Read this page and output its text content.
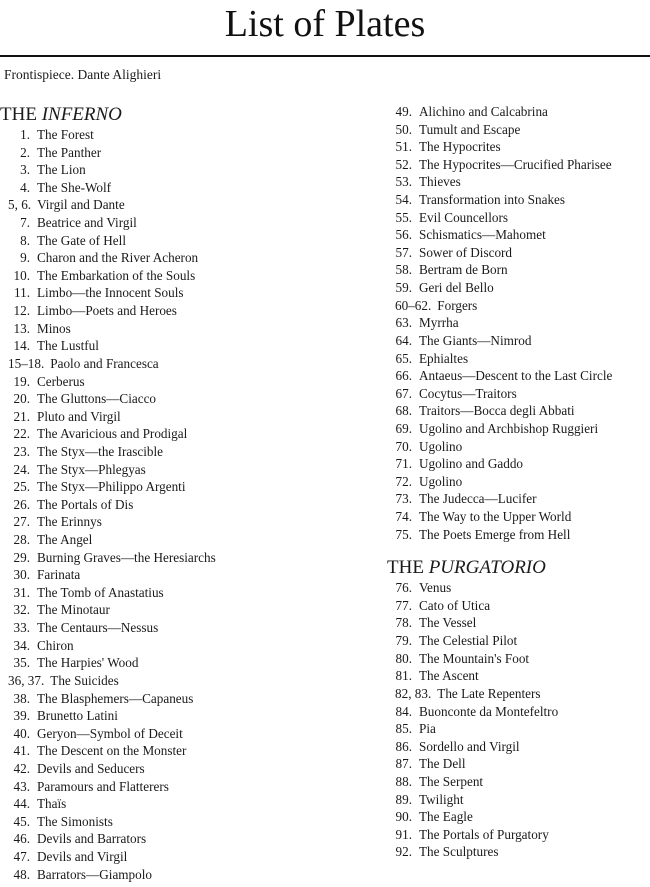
List of Plates
Frontispiece. Dante Alighieri
THE INFERNO
1. The Forest
2. The Panther
3. The Lion
4. The She-Wolf
5, 6. Virgil and Dante
7. Beatrice and Virgil
8. The Gate of Hell
9. Charon and the River Acheron
10. The Embarkation of the Souls
11. Limbo—the Innocent Souls
12. Limbo—Poets and Heroes
13. Minos
14. The Lustful
15–18. Paolo and Francesca
19. Cerberus
20. The Gluttons—Ciacco
21. Pluto and Virgil
22. The Avaricious and Prodigal
23. The Styx—the Irascible
24. The Styx—Phlegyas
25. The Styx—Philippo Argenti
26. The Portals of Dis
27. The Erinnys
28. The Angel
29. Burning Graves—the Heresiarchs
30. Farinata
31. The Tomb of Anastatius
32. The Minotaur
33. The Centaurs—Nessus
34. Chiron
35. The Harpies' Wood
36, 37. The Suicides
38. The Blasphemers—Capaneus
39. Brunetto Latini
40. Geryon—Symbol of Deceit
41. The Descent on the Monster
42. Devils and Seducers
43. Paramours and Flatterers
44. Thaïs
45. The Simonists
46. Devils and Barrators
47. Devils and Virgil
48. Barrators—Giampolo
49. Alichino and Calcabrina
50. Tumult and Escape
51. The Hypocrites
52. The Hypocrites—Crucified Pharisee
53. Thieves
54. Transformation into Snakes
55. Evil Councellors
56. Schismatics—Mahomet
57. Sower of Discord
58. Bertram de Born
59. Geri del Bello
60–62. Forgers
63. Myrrha
64. The Giants—Nimrod
65. Ephialtes
66. Antaeus—Descent to the Last Circle
67. Cocytus—Traitors
68. Traitors—Bocca degli Abbati
69. Ugolino and Archbishop Ruggieri
70. Ugolino
71. Ugolino and Gaddo
72. Ugolino
73. The Judecca—Lucifer
74. The Way to the Upper World
75. The Poets Emerge from Hell
THE PURGATORIO
76. Venus
77. Cato of Utica
78. The Vessel
79. The Celestial Pilot
80. The Mountain's Foot
81. The Ascent
82, 83. The Late Repenters
84. Buonconte da Montefeltro
85. Pia
86. Sordello and Virgil
87. The Dell
88. The Serpent
89. Twilight
90. The Eagle
91. The Portals of Purgatory
92. The Sculptures
